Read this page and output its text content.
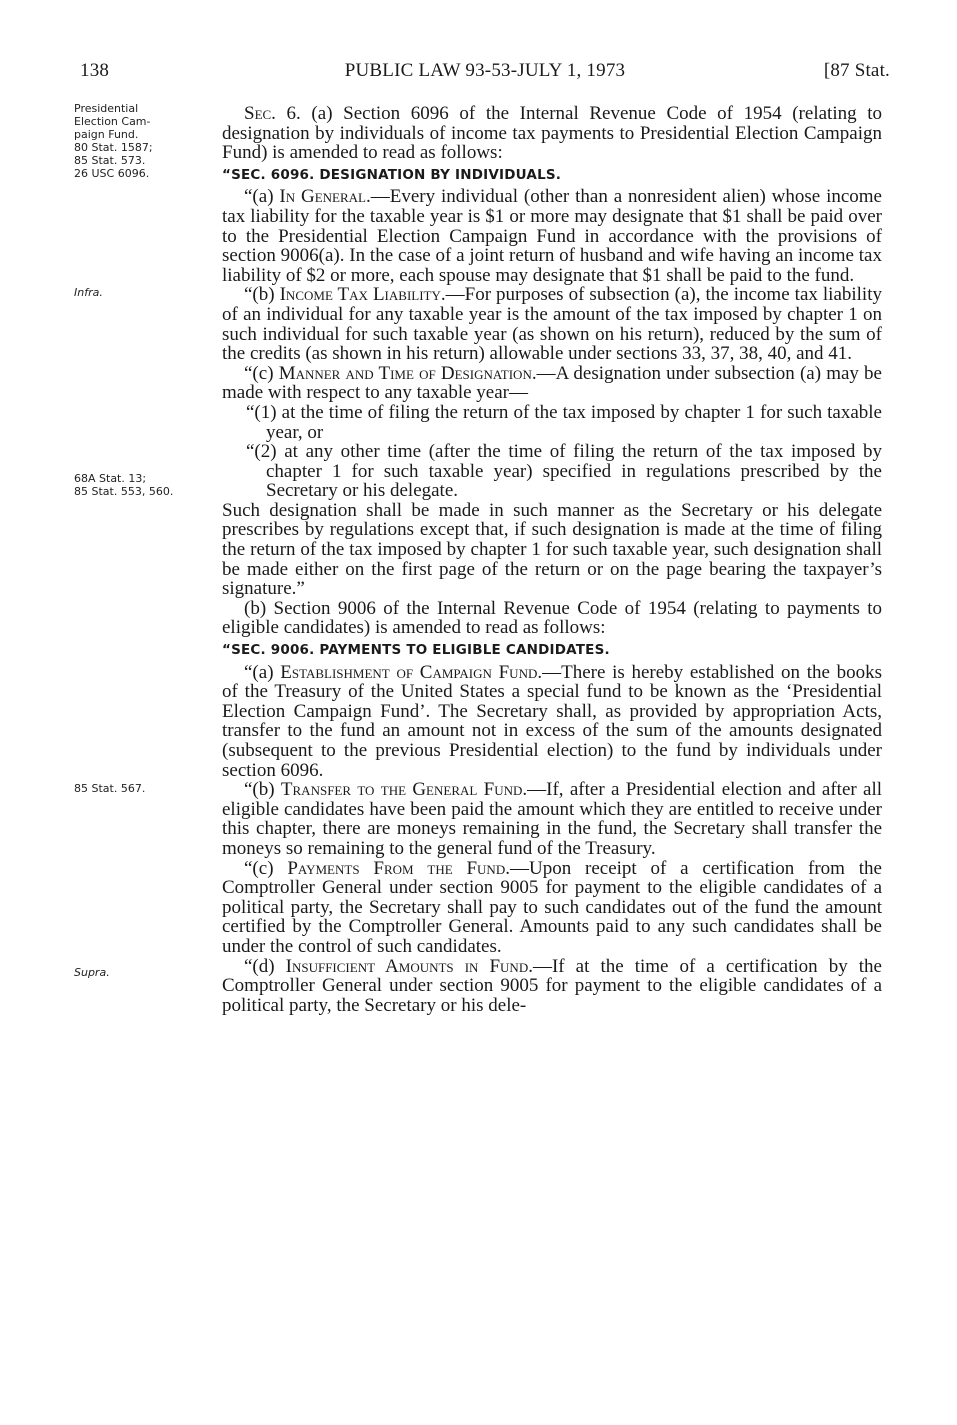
138	PUBLIC LAW 93-53-JULY 1, 1973	[87 Stat.
Presidential
Election Cam-
paign Fund.
80 Stat. 1587;
85 Stat. 573.
26 USC 6096.
Infra.
68A Stat. 13;
85 Stat. 553, 560.
85 Stat. 567.
Supra.

Sec. 6. (a) Section 6096 of the Internal Revenue Code of 1954 (relating to designation by individuals of income tax payments to Presidential Election Campaign Fund) is amended to read as follows:

“SEC. 6096. DESIGNATION BY INDIVIDUALS.

“(a) In General.—Every individual (other than a nonresident alien) whose income tax liability for the taxable year is $1 or more may designate that $1 shall be paid over to the Presidential Election Campaign Fund in accordance with the provisions of section 9006(a). In the case of a joint return of husband and wife having an income tax liability of $2 or more, each spouse may designate that $1 shall be paid to the fund.

“(b) Income Tax Liability.—For purposes of subsection (a), the income tax liability of an individual for any taxable year is the amount of the tax imposed by chapter 1 on such individual for such taxable year (as shown on his return), reduced by the sum of the credits (as shown in his return) allowable under sections 33, 37, 38, 40, and 41.

“(c) Manner and Time of Designation.—A designation under subsection (a) may be made with respect to any taxable year—

“(1) at the time of filing the return of the tax imposed by chapter 1 for such taxable year, or

“(2) at any other time (after the time of filing the return of the tax imposed by chapter 1 for such taxable year) specified in regulations prescribed by the Secretary or his delegate.

Such designation shall be made in such manner as the Secretary or his delegate prescribes by regulations except that, if such designation is made at the time of filing the return of the tax imposed by chapter 1 for such taxable year, such designation shall be made either on the first page of the return or on the page bearing the taxpayer’s signature.”

(b) Section 9006 of the Internal Revenue Code of 1954 (relating to payments to eligible candidates) is amended to read as follows:

“SEC. 9006. PAYMENTS TO ELIGIBLE CANDIDATES.

“(a) Establishment of Campaign Fund.—There is hereby established on the books of the Treasury of the United States a special fund to be known as the ‘Presidential Election Campaign Fund’. The Secretary shall, as provided by appropriation Acts, transfer to the fund an amount not in excess of the sum of the amounts designated (subsequent to the previous Presidential election) to the fund by individuals under section 6096.

“(b) Transfer to the General Fund.—If, after a Presidential election and after all eligible candidates have been paid the amount which they are entitled to receive under this chapter, there are moneys remaining in the fund, the Secretary shall transfer the moneys so remaining to the general fund of the Treasury.

“(c) Payments From the Fund.—Upon receipt of a certification from the Comptroller General under section 9005 for payment to the eligible candidates of a political party, the Secretary shall pay to such candidates out of the fund the amount certified by the Comptroller General. Amounts paid to any such candidates shall be under the control of such candidates.

“(d) Insufficient Amounts in Fund.—If at the time of a certification by the Comptroller General under section 9005 for payment to the eligible candidates of a political party, the Secretary or his dele-
